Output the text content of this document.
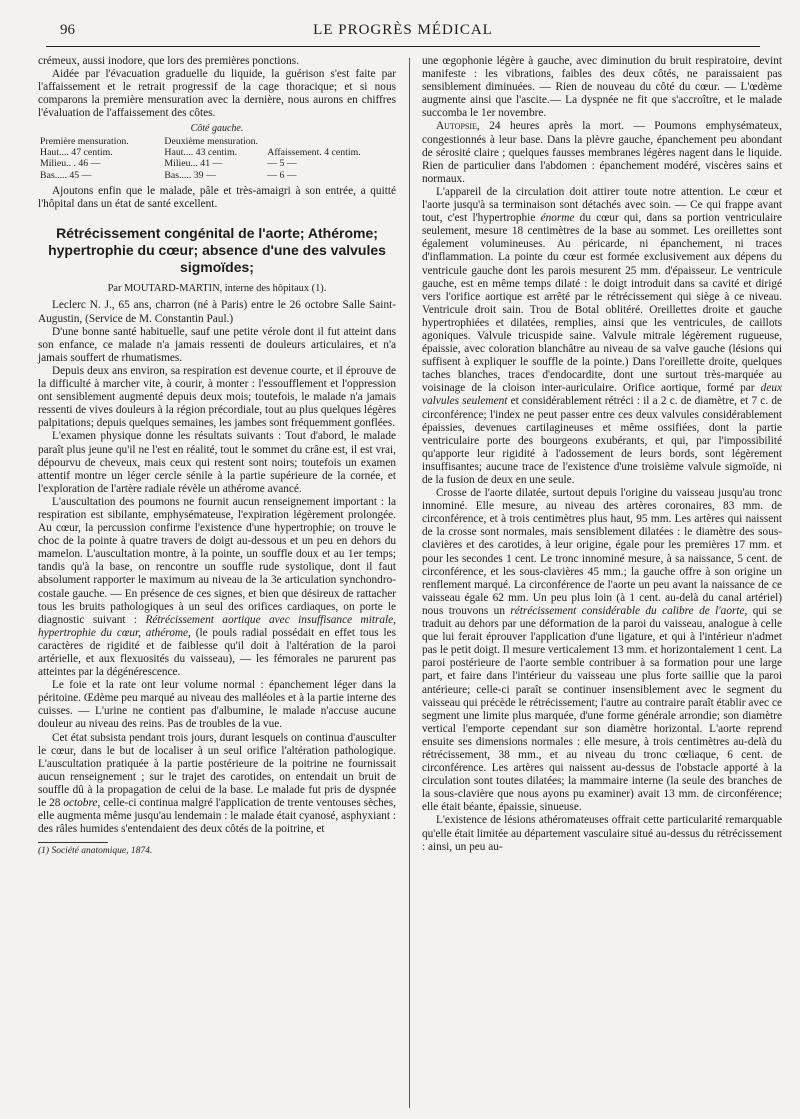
96	LE PROGRÈS MÉDICAL

crémeux, aussi inodore, que lors des premières ponctions.

Aidée par l'évacuation graduelle du liquide, la guérison s'est faite par l'affaissement et le retrait progressif de la cage thoracique; et si nous comparons la première mensuration avec la dernière, nous aurons en chiffres l'évaluation de l'affaissement des côtes.

Côté gauche.
Première mensuration.	Deuxième mensuration.	
Haut.... 47 centim.	Haut.... 43 centim.	Affaissement. 4 centim.
Milieu.. . 46 —	Milieu... 41 —	— 5 —
Bas..... 45 —	Bas..... 39 —	— 6 —

Ajoutons enfin que le malade, pâle et très-amaigri à son entrée, a quitté l'hôpital dans un état de santé excellent.

Rétrécissement congénital de l'aorte; Athérome; hypertrophie du cœur; absence d'une des valvules sigmoïdes;
Par MOUTARD-MARTIN, interne des hôpitaux (1).

Leclerc N. J., 65 ans, charron (né à Paris) entre le 26 octobre Salle Saint-Augustin, (Service de M. Constantin Paul.)

D'une bonne santé habituelle, sauf une petite vérole dont il fut atteint dans son enfance, ce malade n'a jamais ressenti de douleurs articulaires, et n'a jamais souffert de rhumatismes.

Depuis deux ans environ, sa respiration est devenue courte, et il éprouve de la difficulté à marcher vite, à courir, à monter : l'essoufflement et l'oppression ont sensiblement augmenté depuis deux mois; toutefois, le malade n'a jamais ressenti de vives douleurs à la région précordiale, tout au plus quelques légères palpitations; depuis quelques semaines, les jambes sont fréquemment gonflées.

L'examen physique donne les résultats suivants : Tout d'abord, le malade paraît plus jeune qu'il ne l'est en réalité, tout le sommet du crâne est, il est vrai, dépourvu de cheveux, mais ceux qui restent sont noirs; toutefois un examen attentif montre un léger cercle sénile à la partie supérieure de la cornée, et l'exploration de l'artère radiale révèle un athérome avancé.

L'auscultation des poumons ne fournit aucun renseignement important : la respiration est sibilante, emphysémateuse, l'expiration légèrement prolongée. Au cœur, la percussion confirme l'existence d'une hypertrophie; on trouve le choc de la pointe à quatre travers de doigt au-dessous et un peu en dehors du mamelon. L'auscultation montre, à la pointe, un souffle doux et au 1er temps; tandis qu'à la base, on rencontre un souffle rude systolique, dont il faut absolument rapporter le maximum au niveau de la 3e articulation synchondro-costale gauche. — En présence de ces signes, et bien que désireux de rattacher tous les bruits pathologiques à un seul des orifices cardiaques, on porte le diagnostic suivant : Rétrécissement aortique avec insuffisance mitrale, hypertrophie du cœur, athérome, (le pouls radial possédait en effet tous les caractères de rigidité et de faiblesse qu'il doit à l'altération de la paroi artérielle, et aux flexuosités du vaisseau), — les fémorales ne parurent pas atteintes par la dégénérescence.

Le foie et la rate ont leur volume normal : épanchement léger dans la péritoine. Œdème peu marqué au niveau des malléoles et à la partie interne des cuisses. — L'urine ne contient pas d'albumine, le malade n'accuse aucune douleur au niveau des reins. Pas de troubles de la vue.

Cet état subsista pendant trois jours, durant lesquels on continua d'ausculter le cœur, dans le but de localiser à un seul orifice l'altération pathologique. L'auscultation pratiquée à la partie postérieure de la poitrine ne fournissait aucun renseignement ; sur le trajet des carotides, on entendait un bruit de souffle dû à la propagation de celui de la base. Le malade fut pris de dyspnée le 28 octobre, celle-ci continua malgré l'application de trente ventouses sèches, elle augmenta même jusqu'au lendemain : le malade était cyanosé, asphyxiant : des râles humides s'entendaient des deux côtés de la poitrine, et

(1) Société anatomique, 1874.

une œgophonie légère à gauche, avec diminution du bruit respiratoire, devint manifeste : les vibrations, faibles des deux côtés, ne paraissaient pas sensiblement diminuées. — Rien de nouveau du côté du cœur. — L'œdème augmente ainsi que l'ascite.— La dyspnée ne fit que s'accroître, et le malade succomba le 1er novembre.

Autopsie, 24 heures après la mort. — Poumons emphysémateux, congestionnés à leur base. Dans la plèvre gauche, épanchement peu abondant de sérosité claire ; quelques fausses membranes légères nagent dans le liquide. Rien de particulier dans l'abdomen : épanchement modéré, viscères sains et normaux.

L'appareil de la circulation doit attirer toute notre attention. Le cœur et l'aorte jusqu'à sa terminaison sont détachés avec soin. — Ce qui frappe avant tout, c'est l'hypertrophie énorme du cœur qui, dans sa portion ventriculaire seulement, mesure 18 centimètres de la base au sommet. Les oreillettes sont également volumineuses. Au péricarde, ni épanchement, ni traces d'inflammation. La pointe du cœur est formée exclusivement aux dépens du ventricule gauche dont les parois mesurent 25 mm. d'épaisseur. Le ventricule gauche, est en même temps dilaté : le doigt introduit dans sa cavité et dirigé vers l'orifice aortique est arrêté par le rétrécissement qui siège à ce niveau. Ventricule droit sain. Trou de Botal oblitéré. Oreillettes droite et gauche hypertrophiées et dilatées, remplies, ainsi que les ventricules, de caillots agoniques. Valvule tricuspide saine. Valvule mitrale légèrement rugueuse, épaissie, avec coloration blanchâtre au niveau de sa valve gauche (lésions qui suffisent à expliquer le souffle de la pointe.) Dans l'oreillette droite, quelques taches blanches, traces d'endocardite, dont une surtout très-marquée au voisinage de la cloison inter-auriculaire. Orifice aortique, formé par deux valvules seulement et considérablement rétréci : il a 2 c. de diamètre, et 7 c. de circonférence; l'index ne peut passer entre ces deux valvules considérablement épaissies, devenues cartilagineuses et même ossifiées, dont la partie ventriculaire porte des bourgeons exubérants, et qui, par l'impossibilité qu'apporte leur rigidité à l'adossement de leurs bords, sont légèrement insuffisantes; aucune trace de l'existence d'une troisième valvule sigmoïde, ni de la fusion de deux en une seule.

Crosse de l'aorte dilatée, surtout depuis l'origine du vaisseau jusqu'au tronc innominé. Elle mesure, au niveau des artères coronaires, 83 mm. de circonférence, et à trois centimètres plus haut, 95 mm. Les artères qui naissent de la crosse sont normales, mais sensiblement dilatées : le diamètre des sous-clavières et des carotides, à leur origine, égale pour les premières 17 mm. et pour les secondes 1 cent. Le tronc innominé mesure, à sa naissance, 5 cent. de circonférence, et les sous-clavières 45 mm.; la gauche offre à son origine un renflement marqué. La circonférence de l'aorte un peu avant la naissance de ce vaisseau égale 62 mm. Un peu plus loin (à 1 cent. au-delà du canal artériel) nous trouvons un rétrécissement considérable du calibre de l'aorte, qui se traduit au dehors par une déformation de la paroi du vaisseau, analogue à celle que lui ferait éprouver l'application d'une ligature, et qui à l'intérieur n'admet pas le petit doigt. Il mesure verticalement 13 mm. et horizontalement 1 cent. La paroi postérieure de l'aorte semble contribuer à sa formation pour une large part, et faire dans l'intérieur du vaisseau une plus forte saillie que la paroi antérieure; celle-ci paraît se continuer insensiblement avec le segment du vaisseau qui précède le rétrécissement; l'autre au contraire paraît établir avec ce segment une limite plus marquée, d'une forme générale arrondie; son diamètre vertical l'emporte cependant sur son diamètre horizontal. L'aorte reprend ensuite ses dimensions normales : elle mesure, à trois centimètres au-delà du rétrécissement, 38 mm., et au niveau du tronc cœliaque, 6 cent. de circonférence. Les artères qui naissent au-dessus de l'obstacle apporté à la circulation sont toutes dilatées; la mammaire interne (la seule des branches de la sous-clavière que nous ayons pu examiner) avait 13 mm. de circonférence; elle était béante, épaissie, sinueuse.

L'existence de lésions athéromateuses offrait cette particularité remarquable qu'elle était limitée au département vasculaire situé au-dessus du rétrécissement : ainsi, un peu au-
